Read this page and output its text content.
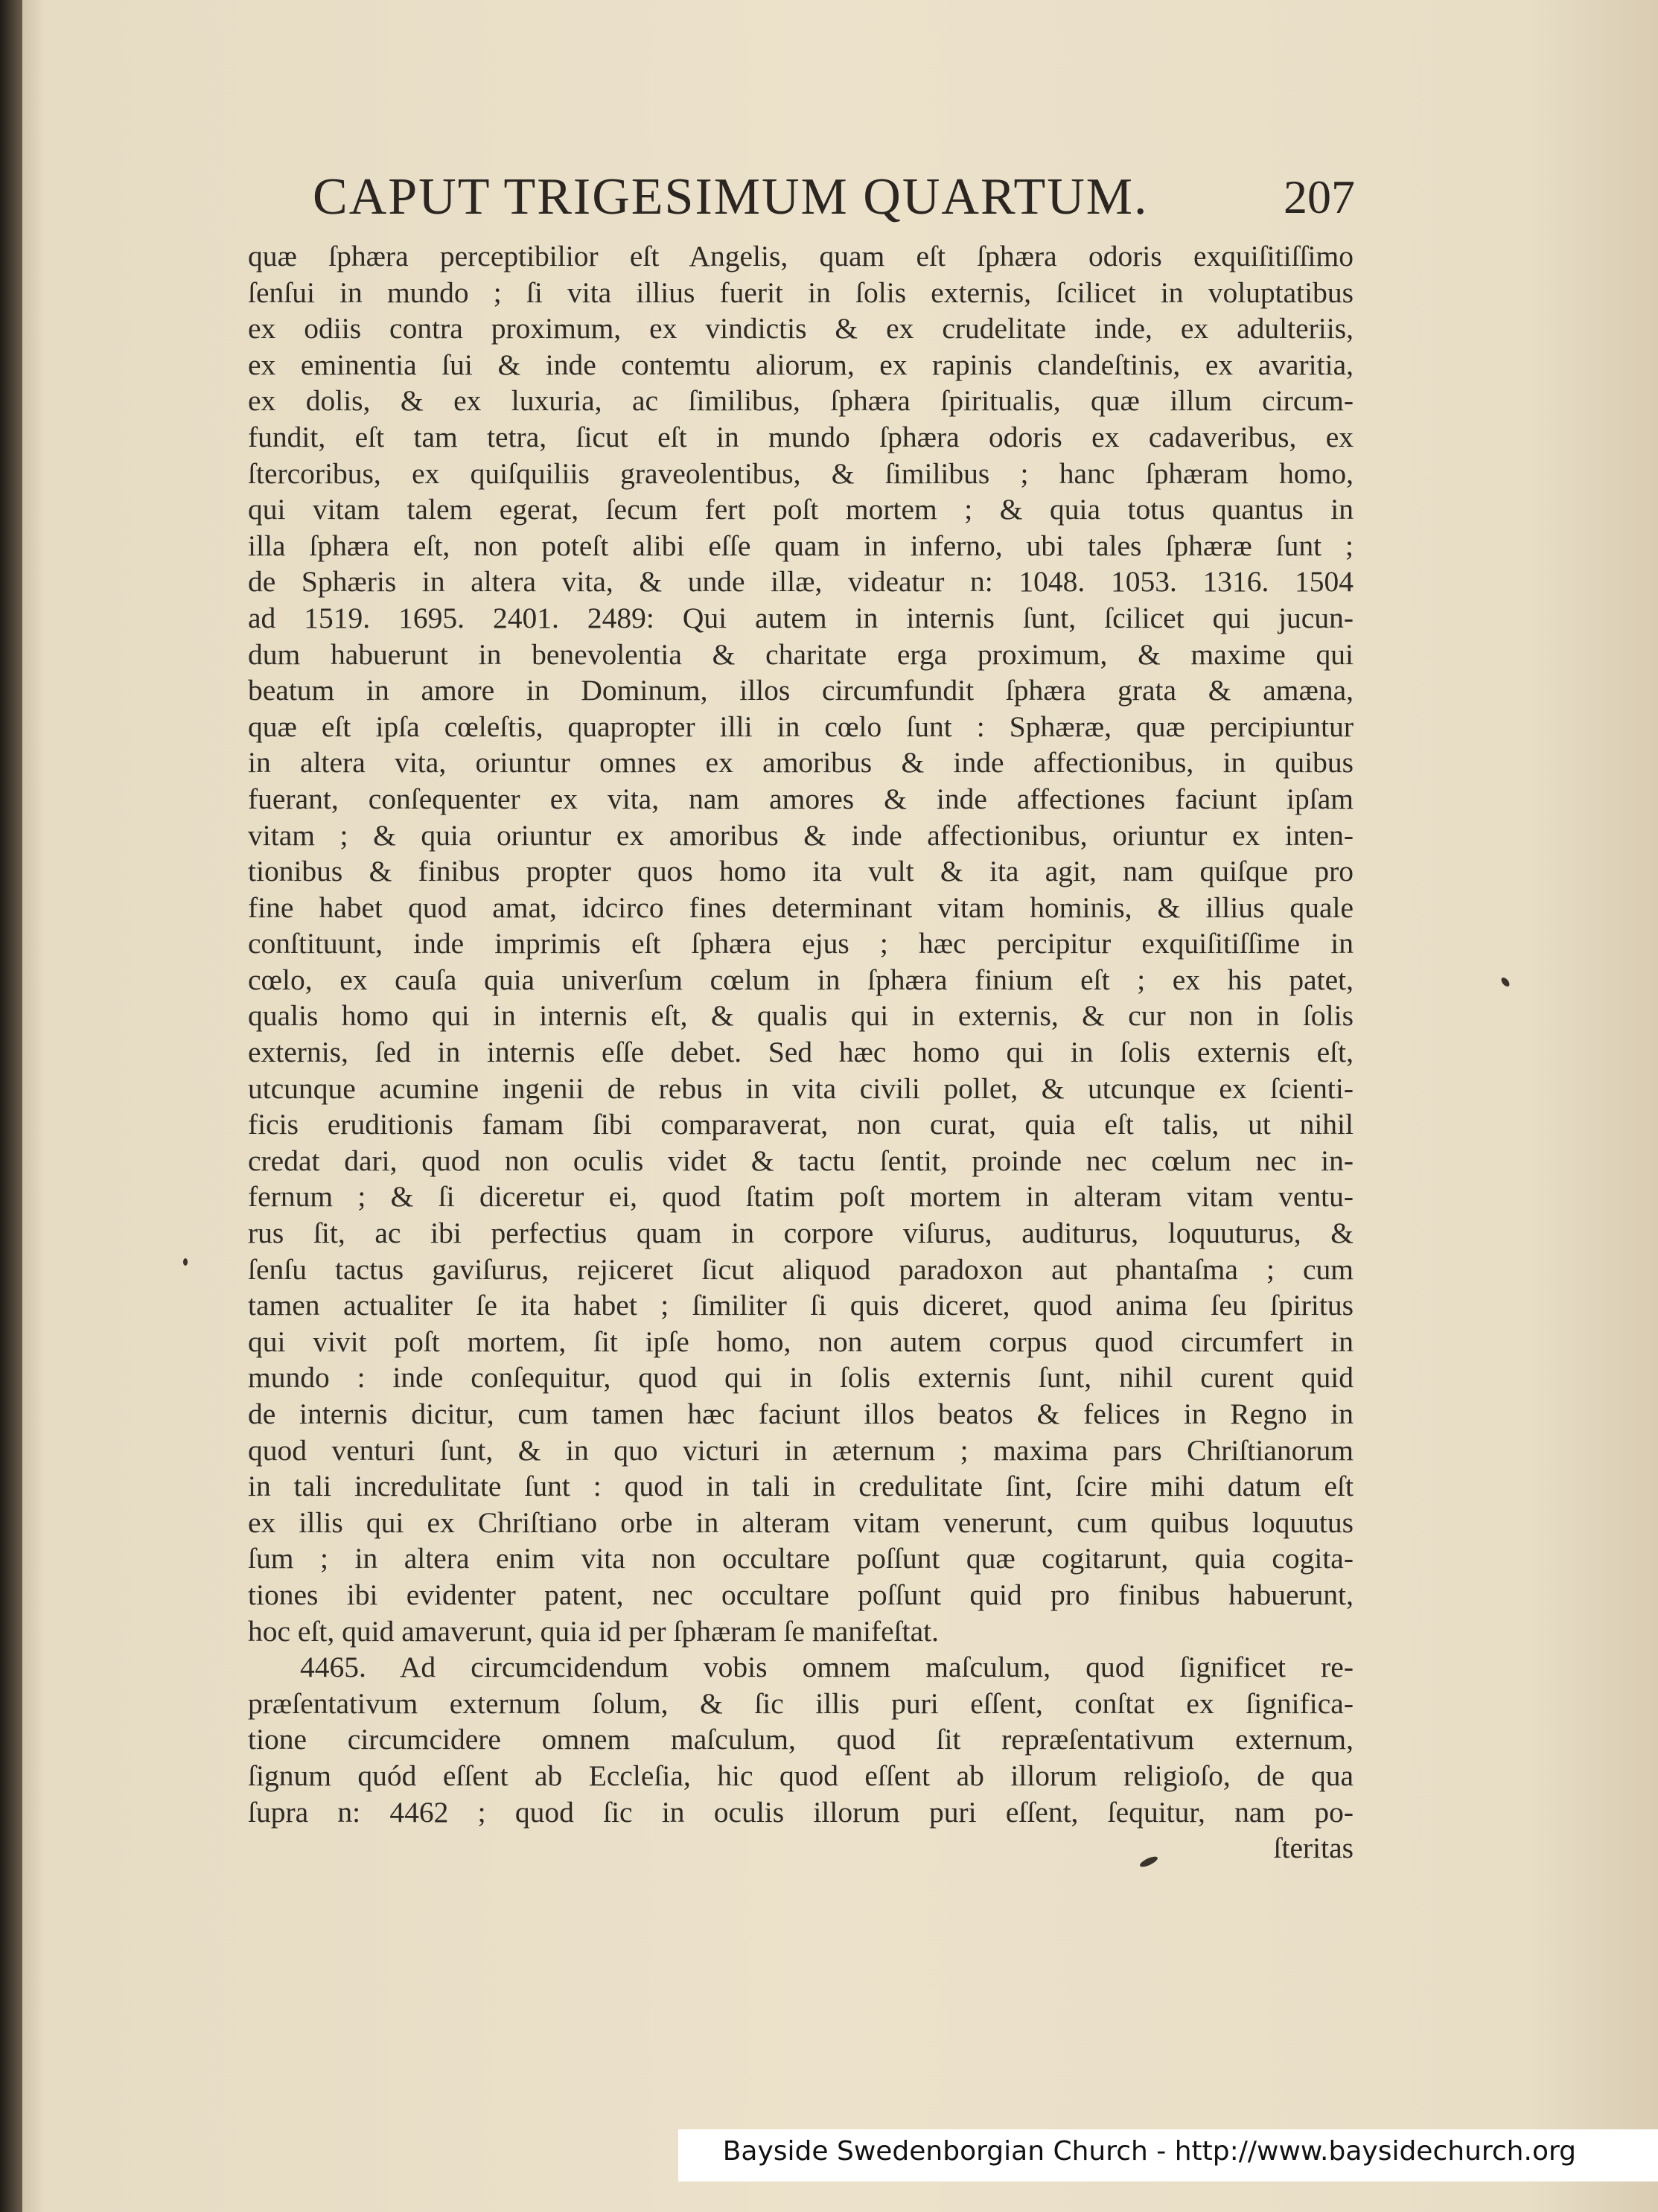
CAPUT TRIGESIMUM QUARTUM.	207
quæ ſphæra perceptibilior eſt Angelis, quam eſt ſphæra odoris exquiſitiſſimo
ſenſui in mundo ; ſi vita illius fuerit in ſolis externis, ſcilicet in voluptatibus
ex odiis contra proximum, ex vindictis & ex crudelitate inde, ex adulteriis,
ex eminentia ſui & inde contemtu aliorum, ex rapinis clandeſtinis, ex avaritia,
ex dolis, & ex luxuria, ac ſimilibus, ſphæra ſpiritualis, quæ illum circum-
fundit, eſt tam tetra, ſicut eſt in mundo ſphæra odoris ex cadaveribus, ex
ſtercoribus, ex quiſquiliis graveolentibus, & ſimilibus ; hanc ſphæram homo,
qui vitam talem egerat, ſecum fert poſt mortem ; & quia totus quantus in
illa ſphæra eſt, non poteſt alibi eſſe quam in inferno, ubi tales ſphæræ ſunt ;
de Sphæris in altera vita, & unde illæ, videatur n: 1048. 1053. 1316. 1504
ad 1519. 1695. 2401. 2489: Qui autem in internis ſunt, ſcilicet qui jucun-
dum habuerunt in benevolentia & charitate erga proximum, & maxime qui
beatum in amore in Dominum, illos circumfundit ſphæra grata & amæna,
quæ eſt ipſa cœleſtis, quapropter illi in cœlo ſunt : Sphæræ, quæ percipiuntur
in altera vita, oriuntur omnes ex amoribus & inde affectionibus, in quibus
fuerant, conſequenter ex vita, nam amores & inde affectiones faciunt ipſam
vitam ; & quia oriuntur ex amoribus & inde affectionibus, oriuntur ex inten-
tionibus & finibus propter quos homo ita vult & ita agit, nam quiſque pro
fine habet quod amat, idcirco fines determinant vitam hominis, & illius quale
conſtituunt, inde imprimis eſt ſphæra ejus ; hæc percipitur exquiſitiſſime in
cœlo, ex cauſa quia univerſum cœlum in ſphæra finium eſt ; ex his patet,
qualis homo qui in internis eſt, & qualis qui in externis, & cur non in ſolis
externis, ſed in internis eſſe debet. Sed hæc homo qui in ſolis externis eſt,
utcunque acumine ingenii de rebus in vita civili pollet, & utcunque ex ſcienti-
ficis eruditionis famam ſibi comparaverat, non curat, quia eſt talis, ut nihil
credat dari, quod non oculis videt & tactu ſentit, proinde nec cœlum nec in-
fernum ; & ſi diceretur ei, quod ſtatim poſt mortem in alteram vitam ventu-
rus ſit, ac ibi perfectius quam in corpore viſurus, auditurus, loquuturus, &
ſenſu tactus gaviſurus, rejiceret ſicut aliquod paradoxon aut phantaſma ; cum
tamen actualiter ſe ita habet ; ſimiliter ſi quis diceret, quod anima ſeu ſpiritus
qui vivit poſt mortem, ſit ipſe homo, non autem corpus quod circumfert in
mundo : inde conſequitur, quod qui in ſolis externis ſunt, nihil curent quid
de internis dicitur, cum tamen hæc faciunt illos beatos & felices in Regno in
quod venturi ſunt, & in quo victuri in æternum ; maxima pars Chriſtianorum
in tali incredulitate ſunt : quod in tali in credulitate ſint, ſcire mihi datum eſt
ex illis qui ex Chriſtiano orbe in alteram vitam venerunt, cum quibus loquutus
ſum ; in altera enim vita non occultare poſſunt quæ cogitarunt, quia cogita-
tiones ibi evidenter patent, nec occultare poſſunt quid pro finibus habuerunt,
hoc eſt, quid amaverunt, quia id per ſphæram ſe manifeſtat.
4465. Ad circumcidendum vobis omnem maſculum, quod ſignificet re-
præſentativum externum ſolum, & ſic illis puri eſſent, conſtat ex ſignifica-
tione circumcidere omnem maſculum, quod ſit repræſentativum externum,
ſignum quód eſſent ab Eccleſia, hic quod eſſent ab illorum religioſo, de qua
ſupra n: 4462 ; quod ſic in oculis illorum puri eſſent, ſequitur, nam po-
ſteritas
Bayside Swedenborgian Church - http://www.baysidechurch.org
